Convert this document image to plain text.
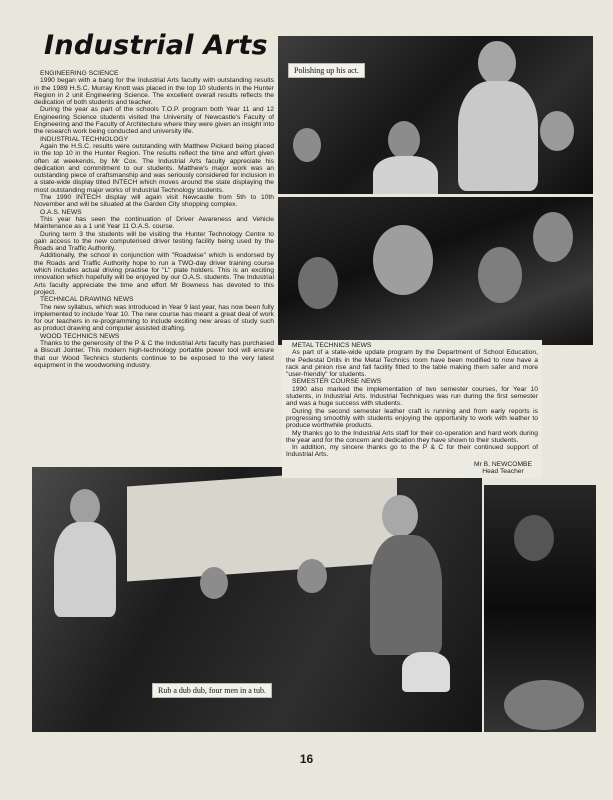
Industrial Arts
Polishing up his act.
Rub a dub dub, four men in a tub.

ENGINEERING SCIENCE

1990 began with a bang for the Industrial Arts faculty with outstanding results in the 1989 H.S.C. Murray Knott was placed in the top 10 students in the Hunter Region in 2 unit Engineering Science. The excellent overall results reflects the dedication of both students and teacher.

During the year as part of the schools T.O.P. program both Year 11 and 12 Engineering Science students visited the University of Newcastle's Faculty of Engineering and the Faculty of Architecture where they were given an insight into the research work being conducted and university life.

INDUSTRIAL TECHNOLOGY

Again the H.S.C. results were outstanding with Matthew Pickard being placed in the top 10 in the Hunter Region. The results reflect the time and effort given often at weekends, by Mr Cox. The Industrial Arts faculty appreciate his dedication and commitment to our students. Matthew's major work was an outstanding piece of craftsmanship and was seriously considered for inclusion in a state-wide display titled INTECH which moves around the state displaying the most outstanding major works of Industrial Technology students.

The 1990 INTECH display will again visit Newcastle from 5th to 10th November and will be situated at the Garden City shopping complex.

O.A.S. NEWS

This year has seen the continuation of Driver Awareness and Vehicle Maintenance as a 1 unit Year 11 O.A.S. course.

During term 3 the students will be visiting the Hunter Technology Centre to gain access to the new computerised driver testing facility being used by the Roads and Traffic Authority.

Additionally, the school in conjunction with "Roadwise" which is endorsed by the Roads and Traffic Authority hope to run a TWO-day driver training course which includes actual driving practise for "L" plate holders. This is an exciting innovation which hopefully will be enjoyed by our O.A.S. students. The Industrial Arts faculty appreciate the time and effort Mr Bowness has devoted to this project.

TECHNICAL DRAWING NEWS

The new syllabus, which was introduced in Year 9 last year, has now been fully implemented to include Year 10. The new course has meant a great deal of work for our teachers in re-programming to include exciting new areas of study such as product drawing and computer assisted drafting.

WOOD TECHNICS NEWS

Thanks to the generosity of the P & C the Industrial Arts faculty has purchased a Biscuit Jointer. This modern high-technology portable power tool will ensure that our Wood Technics students continue to be exposed to the very latest equipment in the woodworking industry.

METAL TECHNICS NEWS

As part of a state-wide update program by the Department of School Education, the Pedestal Drills in the Metal Technics room have been modified to now have a rack and pinion rise and fall facility fitted to the table making them safer and more "user-friendly" for students.

SEMESTER COURSE NEWS

1990 also marked the implementation of two semester courses, for Year 10 students, in Industrial Arts. Industrial Techniques was run during the first semester and was a huge success with students.

During the second semester leather craft is running and from early reports is progressing smoothly with students enjoying the opportunity to work with leather to produce worthwhile products.

My thanks go to the Industrial Arts staff for their co-operation and hard work during the year and for the concern and dedication they have shown to their students.

In addition, my sincere thanks go to the P & C for their continued support of Industrial Arts.

Mr B. NEWCOMBE
Head Teacher
16
